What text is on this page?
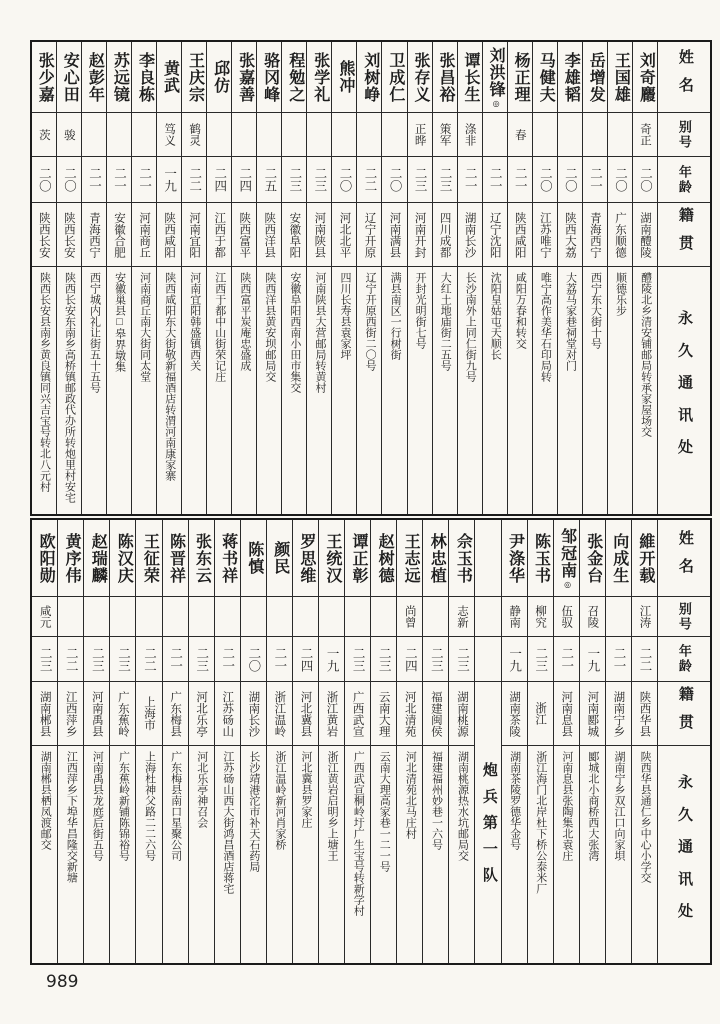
姓名
别号
年龄
籍贯
永久通讯处
刘奇麚
奇正
二〇
湖南醴陵
醴陵北乡清安铺邮局转承家屋场交
王国雄
二〇
广东顺德
顺德乐步
岳增发
二一
青海西宁
西宁东大街十号
李雄韬
二〇
陕西大荔
大荔马家巷祠堂对门
马健夫
二〇
江苏唯宁
唯宁高作美华石印局转
杨正理
春
二一
陕西咸阳
咸阳万春和转交
刘洪锋◎
二一
辽宁沈阳
沈阳皇姑屯天顺长
谭长生
涤非
二一
湖南长沙
长沙南外上同仁街九号
张昌裕
策军
二三
四川成都
大红土地庙街二五号
张存义
正晔
二三
河南开封
开封光明街七号
卫成仁
二〇
河南满县
满县南区一行树街
刘树峥
二二
辽宁开原
辽宁开原西街二〇号
熊冲
二〇
河北北平
四川长寿县袁家坪
张学礼
二三
河南陕县
河南陕县大营邮局转黄村
程勉之
二三
安徽阜阳
安徽阜阳西南小田市集交
骆冈峰
二五
陕西洋县
陕西洋县黄安坝邮局交
张嘉善
二四
陕西富平
陕西富平炭庵忠盛成
邱仿
二四
江西于都
江西于都中山街荣记庄
王庆宗
鹤灵
二二
河南宜阳
河南宜阳韩盛镇西关
黄武
笃义
一九
陕西咸阳
陕西咸阳东大街敬新福酒店转渭河南康家寨
李良栋
二一
河南商丘
河南商丘南大街同太堂
苏远镜
二一
安徽合肥
安徽巢县□皋界墩集
赵彭年
二一
青海西宁
西宁城内礼让街五十五号
安心田
骏
二〇
陕西长安
陕西长安东南乡高桥镇邮政代办所转炮里村安宅
张少嘉
茨
二〇
陕西长安
陕西长安县南乡黄良镇同兴吉宝号转北八元村
姓名
别号
年龄
籍贯
永久通讯处
維开载
江涛
二二
陕西华县
陕西华县通仁乡中心小学交
向成生
二一
湖南宁乡
湖南宁乡双江口向家垻
张金台
召陵
一九
河南郾城
郾城北小商桥西大张湾
邹冠南◎
伍驭
二一
河南息县
河南息县张陶集北袁庄
陈玉书
柳究
二三
浙江
浙江海门北岸杜下桥公泰米厂
尹涤华
静南
一九
湖南茶陵
湖南茶陵罗德华金号
炮兵第一队
佘玉书
志新
二三
湖南桃源
湖南桃源热水坑邮局交
林忠植
二三
福建闽侯
福建福州妙巷一六号
王志远
尚曾
二四
河北清苑
河北清苑北马庄村
赵树德
二三
云南大理
云南大理高家巷一二一号
谭正彰
二三
广西武宣
广西武宣桐岭圩广生宝号转新学村
王统汉
一九
浙江黄岩
浙江黄岩启明乡上塘王
罗思维
二四
河北冀县
河北冀县罗家庄
颜民
二一
浙江温岭
浙江温岭新河肖家桥
陈慎
二〇
湖南长沙
长沙靖港沱市补天石药局
蒋书祥
二一
江苏砀山
江苏砀山西大街鸿昌酒店蒋宅
张东云
二三
河北乐亭
河北乐亭神召会
陈晋祥
二一
广东梅县
广东梅县南口星聚公司
王征荣
二二
上海市
上海杜神父路二二六号
陈汉庆
二三
广东蕉岭
广东蕉岭新铺陈锦裕号
赵瑞麟
二三
河南禹县
河南禹县龙庭后街五号
黄序伟
二二
江西萍乡
江西萍乡下埠华昌隆交新塘
欧阳勋
咸元
二三
湖南郴县
湖南郴县栖凤渡邮交
989
